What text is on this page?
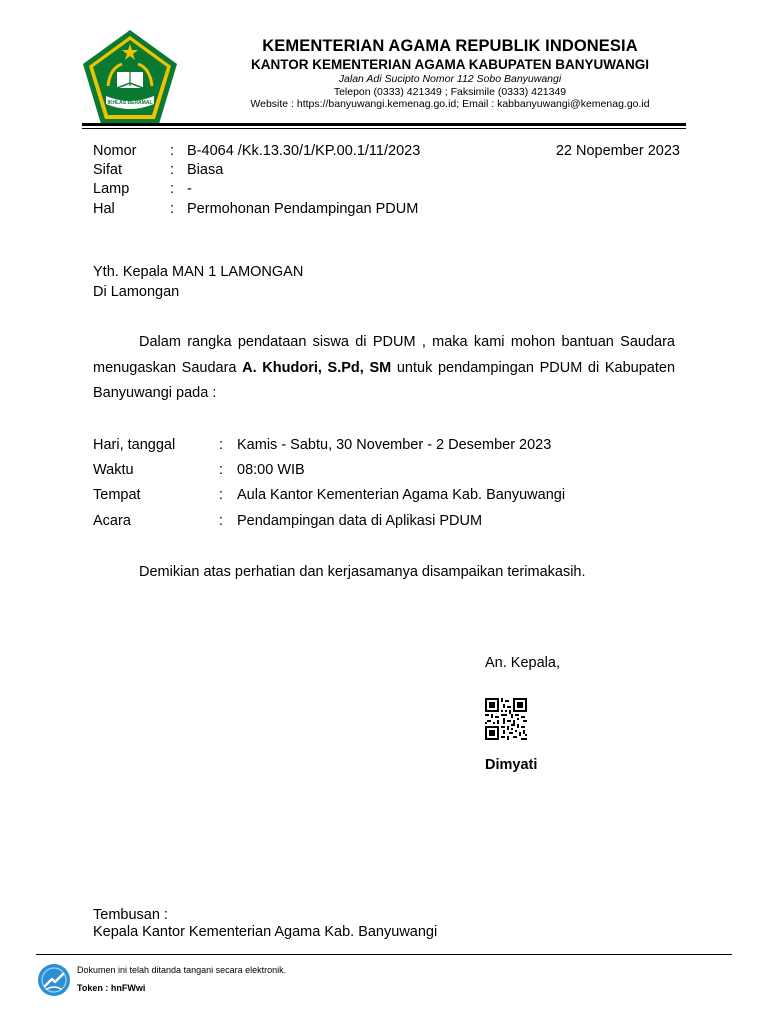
IKHLAS BERAMAL
KEMENTERIAN AGAMA REPUBLIK INDONESIA
KANTOR KEMENTERIAN AGAMA KABUPATEN BANYUWANGI
Jalan Adi Sucipto Nomor 112 Sobo Banyuwangi
Telepon (0333) 421349 ; Faksimile (0333) 421349
Website : https://banyuwangi.kemenag.go.id; Email : kabbanyuwangi@kemenag.go.id
Nomor : B-4064 /Kk.13.30/1/KP.00.1/11/2023	22 Nopember 2023
Sifat	: Biasa
Lamp	: -
Hal	: Permohonan Pendampingan PDUM
Yth. Kepala MAN 1 LAMONGAN
Di Lamongan
Dalam rangka pendataan siswa di PDUM , maka kami mohon bantuan Saudara menugaskan Saudara A. Khudori, S.Pd, SM untuk pendampingan PDUM di Kabupaten Banyuwangi pada :
Hari, tanggal	: Kamis - Sabtu, 30 November - 2 Desember 2023
Waktu	: 08:00 WIB
Tempat	: Aula Kantor Kementerian Agama Kab. Banyuwangi
Acara	: Pendampingan data di Aplikasi PDUM
Demikian atas perhatian dan kerjasamanya disampaikan terimakasih.
An. Kepala,
Dimyati
Tembusan :
Kepala Kantor Kementerian Agama Kab. Banyuwangi
Dokumen ini telah ditanda tangani secara elektronik.
Token : hnFWwi
